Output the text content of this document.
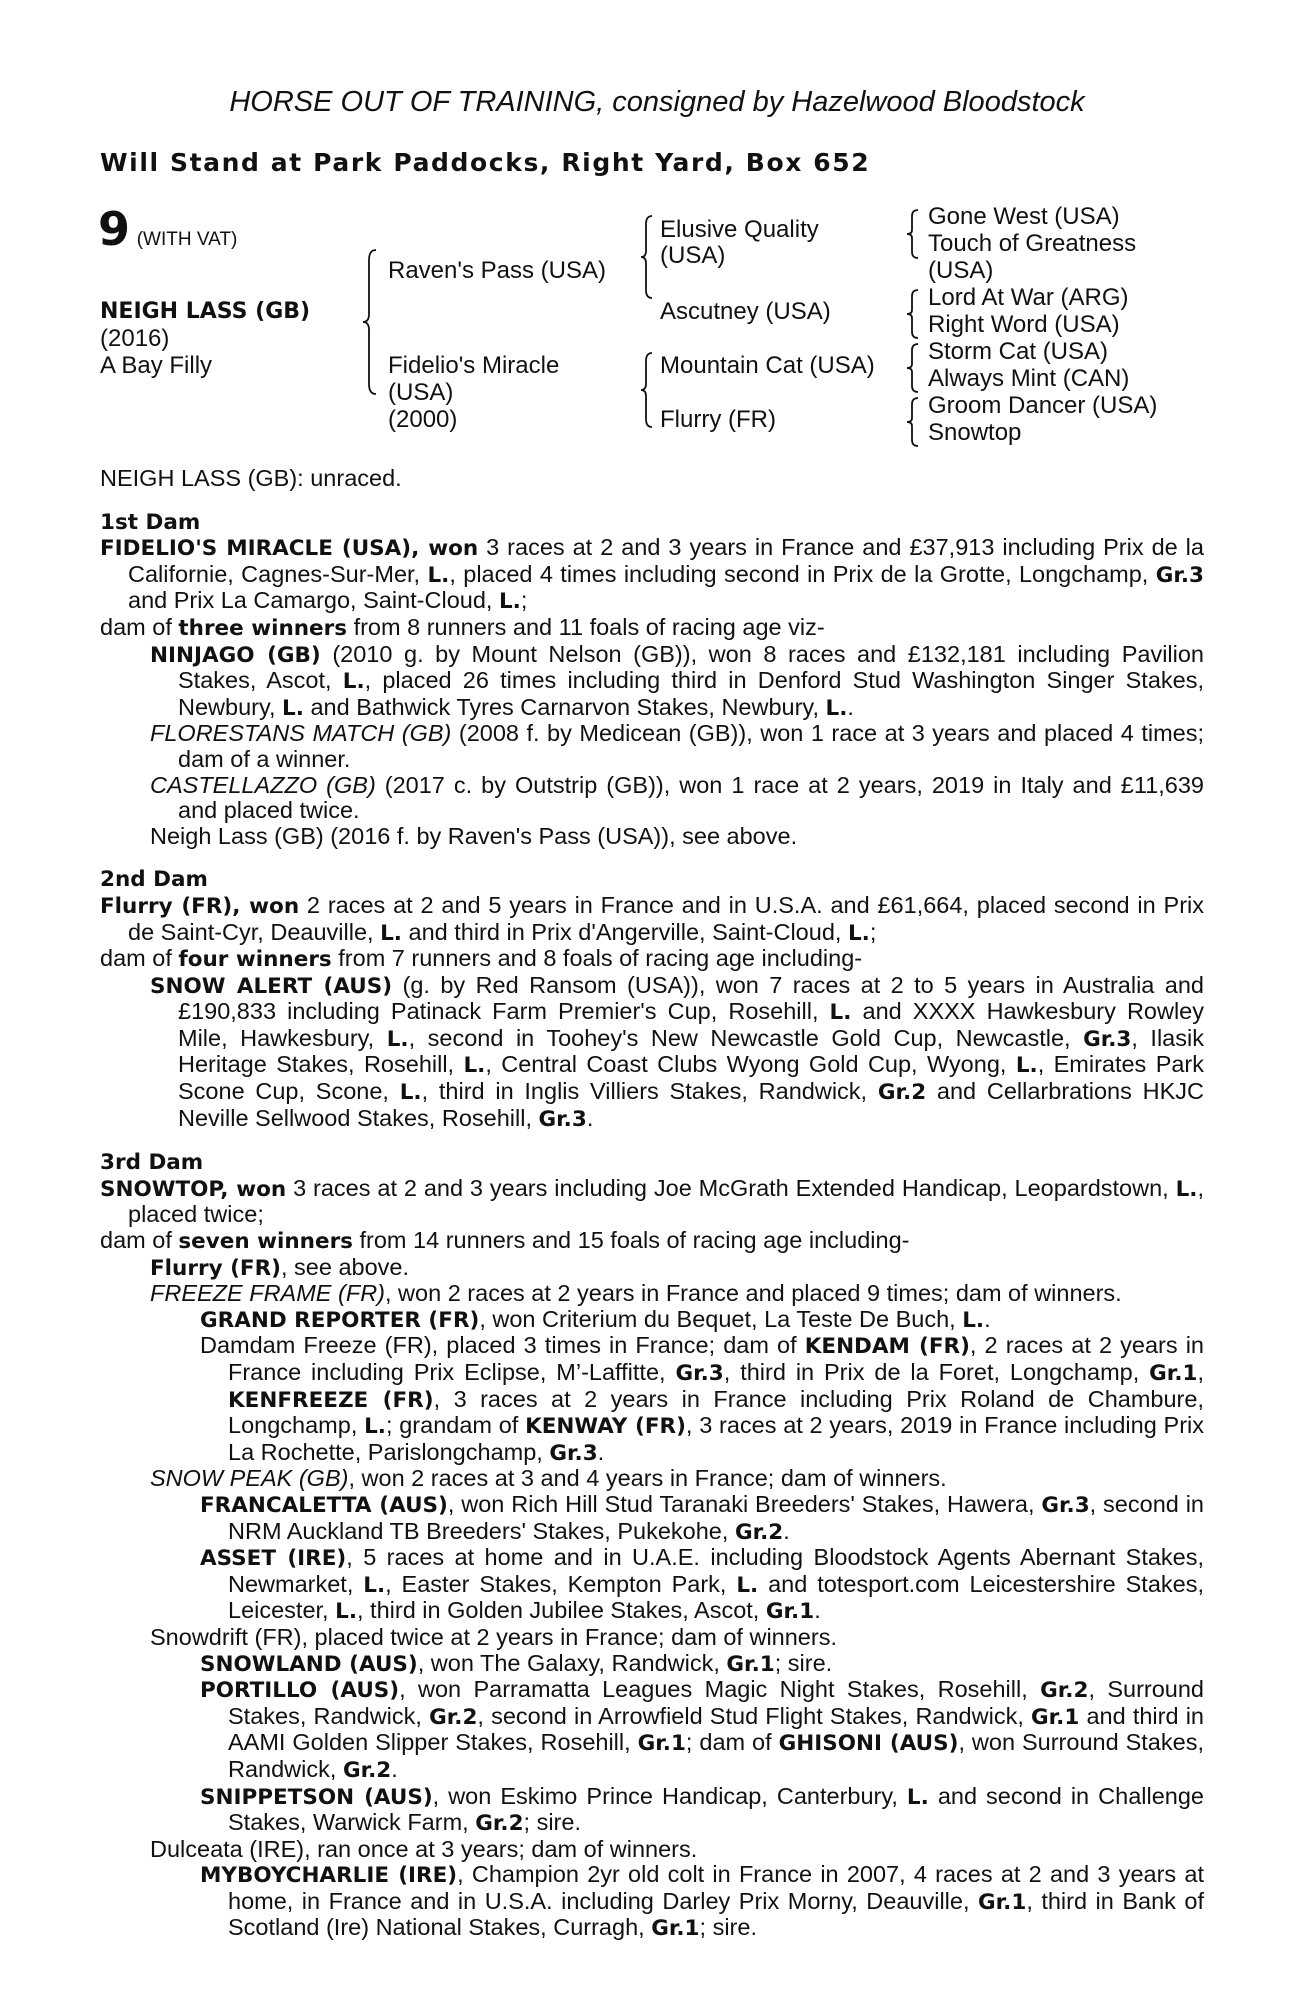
HORSE OUT OF TRAINING, consigned by Hazelwood Bloodstock
Will Stand at Park Paddocks, Right Yard, Box 652
9 (WITH VAT)
NEIGH LASS (GB)
(2016)
A Bay Filly
Raven's Pass (USA)
Fidelio's Miracle
(USA)
(2000)
Elusive Quality
(USA)
Ascutney (USA)
Mountain Cat (USA)
Flurry (FR)
Gone West (USA)
Touch of Greatness
(USA)
Lord At War (ARG)
Right Word (USA)
Storm Cat (USA)
Always Mint (CAN)
Groom Dancer (USA)
Snowtop

NEIGH LASS (GB): unraced.

1st Dam

FIDELIO'S MIRACLE (USA), won 3 races at 2 and 3 years in France and £37,913 including Prix de la Californie, Cagnes-Sur-Mer, L., placed 4 times including second in Prix de la Grotte, Longchamp, Gr.3 and Prix La Camargo, Saint-Cloud, L.;

dam of three winners from 8 runners and 11 foals of racing age viz-

NINJAGO (GB) (2010 g. by Mount Nelson (GB)), won 8 races and £132,181 including Pavilion Stakes, Ascot, L., placed 26 times including third in Denford Stud Washington Singer Stakes, Newbury, L. and Bathwick Tyres Carnarvon Stakes, Newbury, L..

FLORESTANS MATCH (GB) (2008 f. by Medicean (GB)), won 1 race at 3 years and placed 4 times; dam of a winner.

CASTELLAZZO (GB) (2017 c. by Outstrip (GB)), won 1 race at 2 years, 2019 in Italy and £11,639 and placed twice.

Neigh Lass (GB) (2016 f. by Raven's Pass (USA)), see above.

2nd Dam

Flurry (FR), won 2 races at 2 and 5 years in France and in U.S.A. and £61,664, placed second in Prix de Saint-Cyr, Deauville, L. and third in Prix d'Angerville, Saint-Cloud, L.;

dam of four winners from 7 runners and 8 foals of racing age including-

SNOW ALERT (AUS) (g. by Red Ransom (USA)), won 7 races at 2 to 5 years in Australia and £190,833 including Patinack Farm Premier's Cup, Rosehill, L. and XXXX Hawkesbury Rowley Mile, Hawkesbury, L., second in Toohey's New Newcastle Gold Cup, Newcastle, Gr.3, Ilasik Heritage Stakes, Rosehill, L., Central Coast Clubs Wyong Gold Cup, Wyong, L., Emirates Park Scone Cup, Scone, L., third in Inglis Villiers Stakes, Randwick, Gr.2 and Cellarbrations HKJC Neville Sellwood Stakes, Rosehill, Gr.3.

3rd Dam

SNOWTOP, won 3 races at 2 and 3 years including Joe McGrath Extended Handicap, Leopardstown, L., placed twice;

dam of seven winners from 14 runners and 15 foals of racing age including-

Flurry (FR), see above.

FREEZE FRAME (FR), won 2 races at 2 years in France and placed 9 times; dam of winners.

GRAND REPORTER (FR), won Criterium du Bequet, La Teste De Buch, L..

Damdam Freeze (FR), placed 3 times in France; dam of KENDAM (FR), 2 races at 2 years in France including Prix Eclipse, M’-Laffitte, Gr.3, third in Prix de la Foret, Longchamp, Gr.1, KENFREEZE (FR), 3 races at 2 years in France including Prix Roland de Chambure, Longchamp, L.; grandam of KENWAY (FR), 3 races at 2 years, 2019 in France including Prix La Rochette, Parislongchamp, Gr.3.

SNOW PEAK (GB), won 2 races at 3 and 4 years in France; dam of winners.

FRANCALETTA (AUS), won Rich Hill Stud Taranaki Breeders' Stakes, Hawera, Gr.3, second in NRM Auckland TB Breeders' Stakes, Pukekohe, Gr.2.

ASSET (IRE), 5 races at home and in U.A.E. including Bloodstock Agents Abernant Stakes, Newmarket, L., Easter Stakes, Kempton Park, L. and totesport.com Leicestershire Stakes, Leicester, L., third in Golden Jubilee Stakes, Ascot, Gr.1.

Snowdrift (FR), placed twice at 2 years in France; dam of winners.

SNOWLAND (AUS), won The Galaxy, Randwick, Gr.1; sire.

PORTILLO (AUS), won Parramatta Leagues Magic Night Stakes, Rosehill, Gr.2, Surround Stakes, Randwick, Gr.2, second in Arrowfield Stud Flight Stakes, Randwick, Gr.1 and third in AAMI Golden Slipper Stakes, Rosehill, Gr.1; dam of GHISONI (AUS), won Surround Stakes, Randwick, Gr.2.

SNIPPETSON (AUS), won Eskimo Prince Handicap, Canterbury, L. and second in Challenge Stakes, Warwick Farm, Gr.2; sire.

Dulceata (IRE), ran once at 3 years; dam of winners.

MYBOYCHARLIE (IRE), Champion 2yr old colt in France in 2007, 4 races at 2 and 3 years at home, in France and in U.S.A. including Darley Prix Morny, Deauville, Gr.1, third in Bank of Scotland (Ire) National Stakes, Curragh, Gr.1; sire.
